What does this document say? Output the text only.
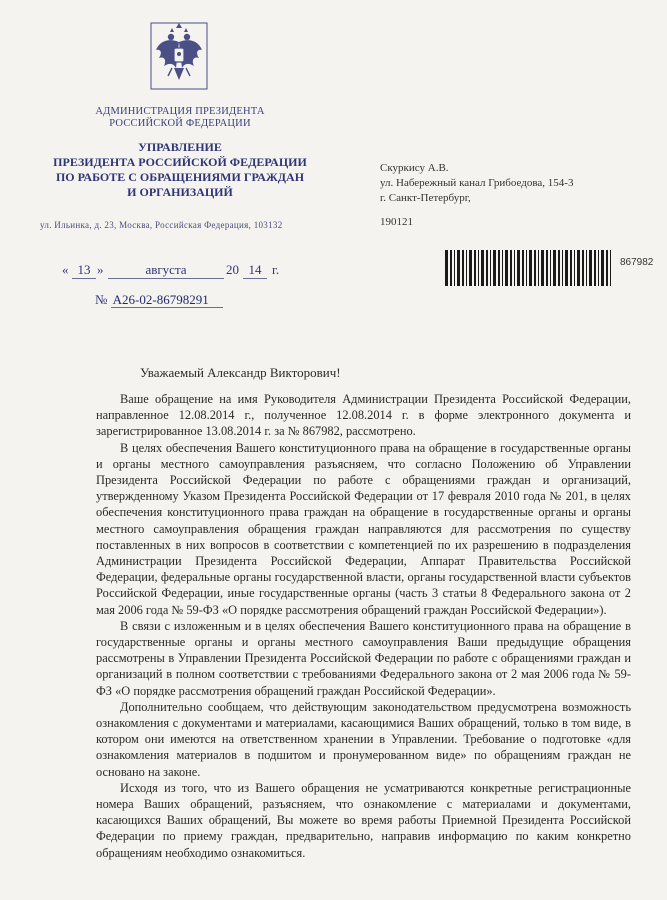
АДМИНИСТРАЦИЯ ПРЕЗИДЕНТА
РОССИЙСКОЙ ФЕДЕРАЦИИ
УПРАВЛЕНИЕ
ПРЕЗИДЕНТА РОССИЙСКОЙ ФЕДЕРАЦИИ
ПО РАБОТЕ С ОБРАЩЕНИЯМИ ГРАЖДАН
И ОРГАНИЗАЦИЙ
ул. Ильинка, д. 23, Москва, Российская Федерация, 103132
Скуркису А.В.
ул. Набережный канал Грибоедова, 154-3
г. Санкт-Петербург,
190121
« 13 »	августа	20 14 г.
№ А26-02-86798291
867982
Уважаемый Александр Викторович!

Ваше обращение на имя Руководителя Администрации Президента Российской Федерации, направленное 12.08.2014 г., полученное 12.08.2014 г. в форме электронного документа и зарегистрированное 13.08.2014 г. за № 867982, рассмотрено.

В целях обеспечения Вашего конституционного права на обращение в государственные органы и органы местного самоуправления разъясняем, что согласно Положению об Управлении Президента Российской Федерации по работе с обращениями граждан и организаций, утвержденному Указом Президента Российской Федерации от 17 февраля 2010 года № 201, в целях обеспечения конституционного права граждан на обращение в государственные органы и органы местного самоуправления обращения граждан направляются для рассмотрения по существу поставленных в них вопросов в соответствии с компетенцией по их разрешению в подразделения Администрации Президента Российской Федерации, Аппарат Правительства Российской Федерации, федеральные органы государственной власти, органы государственной власти субъектов Российской Федерации, иные государственные органы (часть 3 статьи 8 Федерального закона от 2 мая 2006 года № 59-ФЗ «О порядке рассмотрения обращений граждан Российской Федерации»).

В связи с изложенным и в целях обеспечения Вашего конституционного права на обращение в государственные органы и органы местного самоуправления Ваши предыдущие обращения рассмотрены в Управлении Президента Российской Федерации по работе с обращениями граждан и организаций в полном соответствии с требованиями Федерального закона от 2 мая 2006 года № 59-ФЗ «О порядке рассмотрения обращений граждан Российской Федерации».

Дополнительно сообщаем, что действующим законодательством предусмотрена возможность ознакомления с документами и материалами, касающимися Ваших обращений, только в том виде, в котором они имеются на ответственном хранении в Управлении. Требование о подготовке «для ознакомления материалов в подшитом и пронумерованном виде» по обращениям граждан не основано на законе.

Исходя из того, что из Вашего обращения не усматриваются конкретные регистрационные номера Ваших обращений, разъясняем, что ознакомление с материалами и документами, касающихся Ваших обращений, Вы можете во время работы Приемной Президента Российской Федерации по приему граждан, предварительно, направив информацию по каким конкретно обращениям необходимо ознакомиться.
